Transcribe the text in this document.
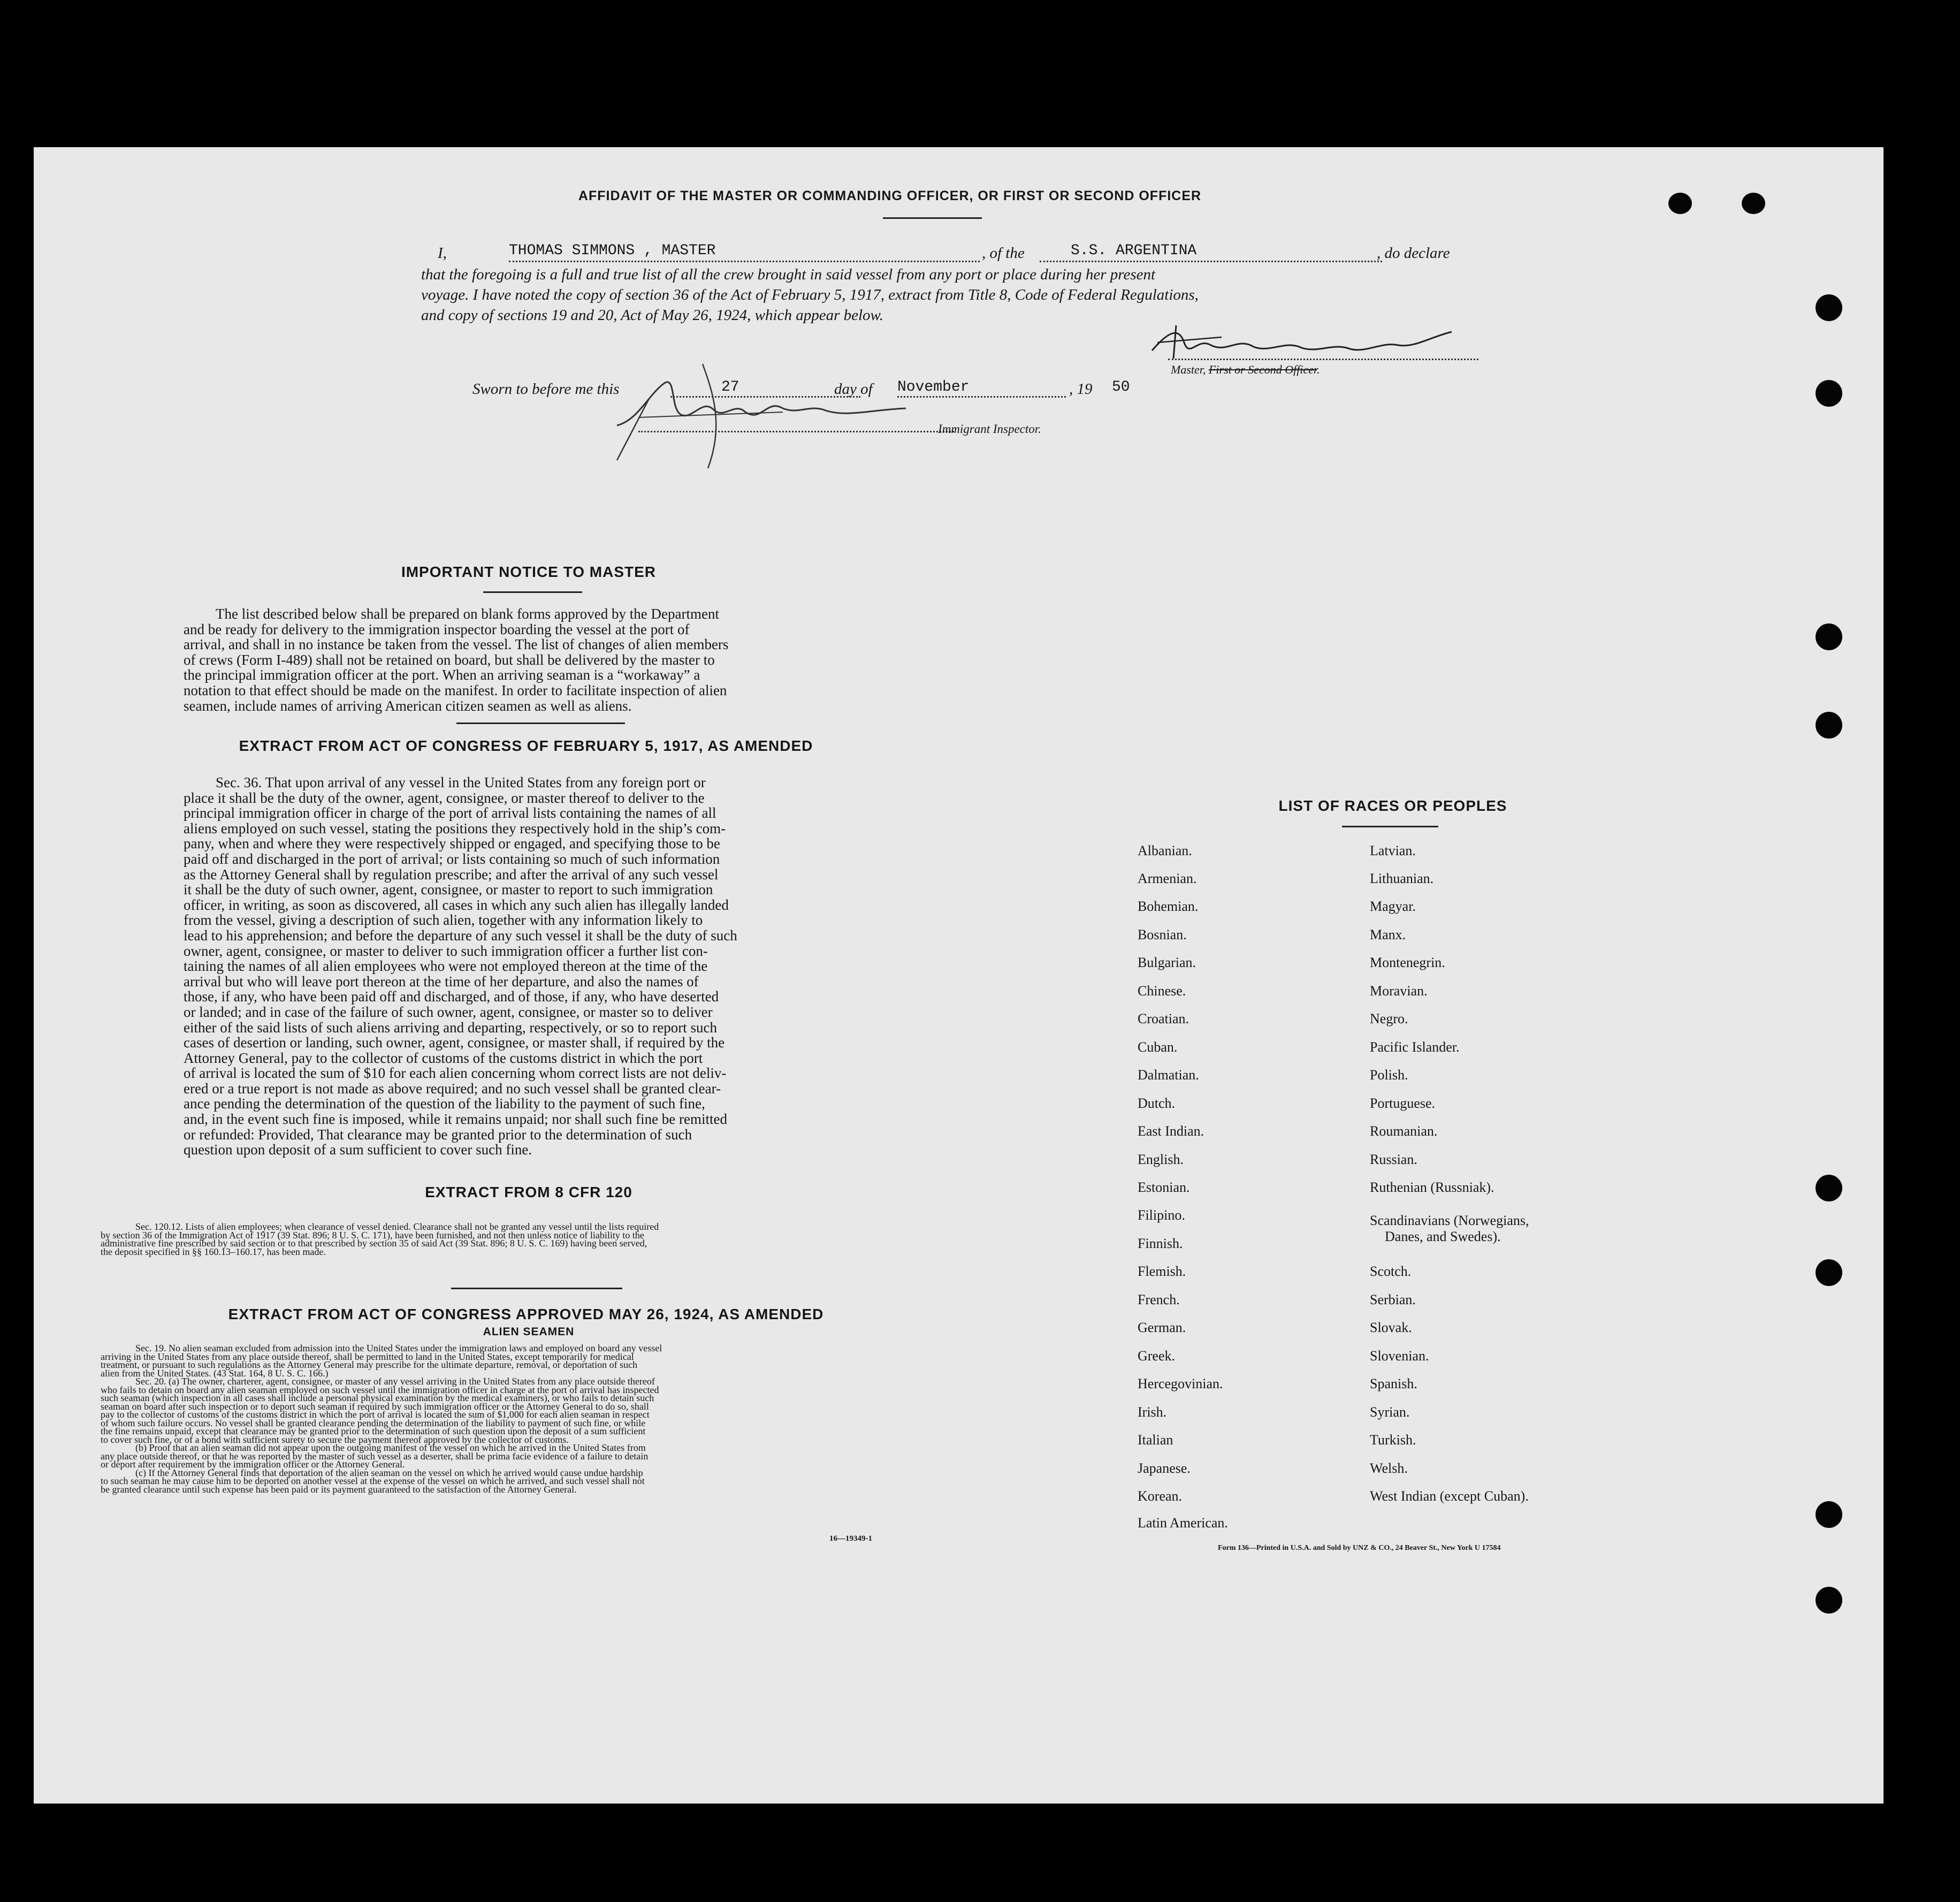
AFFIDAVIT OF THE MASTER OR COMMANDING OFFICER, OR FIRST OR SECOND OFFICER
I,	THOMAS SIMMONS , MASTER	, of the	S.S. ARGENTINA	, do declare
that the foregoing is a full and true list of all the crew brought in said vessel from any port or place during her present
voyage. I have noted the copy of section 36 of the Act of February 5, 1917, extract from Title 8, Code of Federal Regulations,
and copy of sections 19 and 20, Act of May 26, 1924, which appear below.
Master, First or Second Officer.
Sworn to before me this	27	day of November	, 19 50
Immigrant Inspector.
IMPORTANT NOTICE TO MASTER
The list described below shall be prepared on blank forms approved by the Department
and be ready for delivery to the immigration inspector boarding the vessel at the port of
arrival, and shall in no instance be taken from the vessel. The list of changes of alien members
of crews (Form I-489) shall not be retained on board, but shall be delivered by the master to
the principal immigration officer at the port. When an arriving seaman is a “workaway” a
notation to that effect should be made on the manifest. In order to facilitate inspection of alien
seamen, include names of arriving American citizen seamen as well as aliens.
EXTRACT FROM ACT OF CONGRESS OF FEBRUARY 5, 1917, AS AMENDED
Sec. 36. That upon arrival of any vessel in the United States from any foreign port or
place it shall be the duty of the owner, agent, consignee, or master thereof to deliver to the
principal immigration officer in charge of the port of arrival lists containing the names of all
aliens employed on such vessel, stating the positions they respectively hold in the ship’s com-
pany, when and where they were respectively shipped or engaged, and specifying those to be
paid off and discharged in the port of arrival; or lists containing so much of such information
as the Attorney General shall by regulation prescribe; and after the arrival of any such vessel
it shall be the duty of such owner, agent, consignee, or master to report to such immigration
officer, in writing, as soon as discovered, all cases in which any such alien has illegally landed
from the vessel, giving a description of such alien, together with any information likely to
lead to his apprehension; and before the departure of any such vessel it shall be the duty of such
owner, agent, consignee, or master to deliver to such immigration officer a further list con-
taining the names of all alien employees who were not employed thereon at the time of the
arrival but who will leave port thereon at the time of her departure, and also the names of
those, if any, who have been paid off and discharged, and of those, if any, who have deserted
or landed; and in case of the failure of such owner, agent, consignee, or master so to deliver
either of the said lists of such aliens arriving and departing, respectively, or so to report such
cases of desertion or landing, such owner, agent, consignee, or master shall, if required by the
Attorney General, pay to the collector of customs of the customs district in which the port
of arrival is located the sum of $10 for each alien concerning whom correct lists are not deliv-
ered or a true report is not made as above required; and no such vessel shall be granted clear-
ance pending the determination of the question of the liability to the payment of such fine,
and, in the event such fine is imposed, while it remains unpaid; nor shall such fine be remitted
or refunded: Provided, That clearance may be granted prior to the determination of such
question upon deposit of a sum sufficient to cover such fine.
EXTRACT FROM 8 CFR 120
Sec. 120.12. Lists of alien employees; when clearance of vessel denied. Clearance shall not be granted any vessel until the lists required
by section 36 of the Immigration Act of 1917 (39 Stat. 896; 8 U. S. C. 171), have been furnished, and not then unless notice of liability to the
administrative fine prescribed by said section or to that prescribed by section 35 of said Act (39 Stat. 896; 8 U. S. C. 169) having been served,
the deposit specified in §§ 160.13–160.17, has been made.
EXTRACT FROM ACT OF CONGRESS APPROVED MAY 26, 1924, AS AMENDED
ALIEN SEAMEN
Sec. 19. No alien seaman excluded from admission into the United States under the immigration laws and employed on board any vessel
arriving in the United States from any place outside thereof, shall be permitted to land in the United States, except temporarily for medical
treatment, or pursuant to such regulations as the Attorney General may prescribe for the ultimate departure, removal, or deportation of such
alien from the United States. (43 Stat. 164, 8 U. S. C. 166.)
Sec. 20. (a) The owner, charterer, agent, consignee, or master of any vessel arriving in the United States from any place outside thereof
who fails to detain on board any alien seaman employed on such vessel until the immigration officer in charge at the port of arrival has inspected
such seaman (which inspection in all cases shall include a personal physical examination by the medical examiners), or who fails to detain such
seaman on board after such inspection or to deport such seaman if required by such immigration officer or the Attorney General to do so, shall
pay to the collector of customs of the customs district in which the port of arrival is located the sum of $1,000 for each alien seaman in respect
of whom such failure occurs. No vessel shall be granted clearance pending the determination of the liability to payment of such fine, or while
the fine remains unpaid, except that clearance may be granted prior to the determination of such question upon the deposit of a sum sufficient
to cover such fine, or of a bond with sufficient surety to secure the payment thereof approved by the collector of customs.
(b) Proof that an alien seaman did not appear upon the outgoing manifest of the vessel on which he arrived in the United States from
any place outside thereof, or that he was reported by the master of such vessel as a deserter, shall be prima facie evidence of a failure to detain
or deport after requirement by the immigration officer or the Attorney General.
(c) If the Attorney General finds that deportation of the alien seaman on the vessel on which he arrived would cause undue hardship
to such seaman he may cause him to be deported on another vessel at the expense of the vessel on which he arrived, and such vessel shall not
be granted clearance until such expense has been paid or its payment guaranteed to the satisfaction of the Attorney General.
16—19349-1
LIST OF RACES OR PEOPLES
Albanian.
Armenian.
Bohemian.
Bosnian.
Bulgarian.
Chinese.
Croatian.
Cuban.
Dalmatian.
Dutch.
East Indian.
English.
Estonian.
Filipino.
Finnish.
Flemish.
French.
German.
Greek.
Hercegovinian.
Irish.
Italian
Japanese.
Korean.
Latin American.
Latvian.
Lithuanian.
Magyar.
Manx.
Montenegrin.
Moravian.
Negro.
Pacific Islander.
Polish.
Portuguese.
Roumanian.
Russian.
Ruthenian (Russniak).
Scandinavians (Norwegians,
Danes, and Swedes).
Scotch.
Serbian.
Slovak.
Slovenian.
Spanish.
Syrian.
Turkish.
Welsh.
West Indian (except Cuban).
Form 136—Printed in U.S.A. and Sold by UNZ & CO., 24 Beaver St., New York U 17584
